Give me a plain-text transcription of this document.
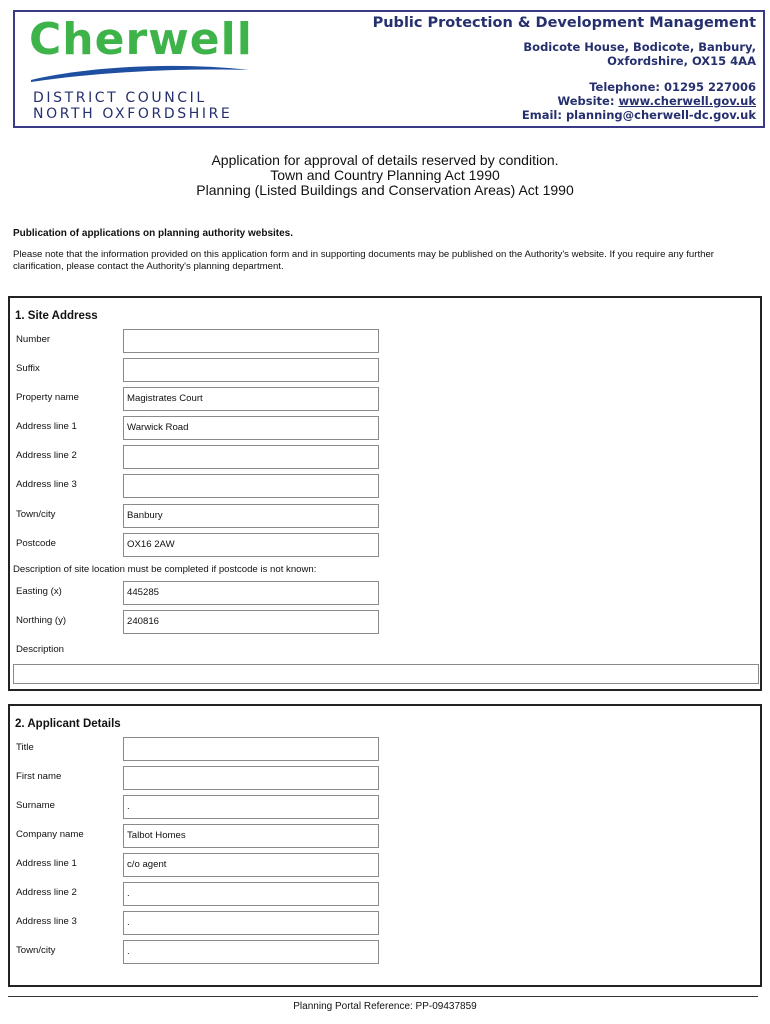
Cherwell
DISTRICT COUNCIL
NORTH OXFORDSHIRE
Public Protection & Development Management
Bodicote House, Bodicote, Banbury,
Oxfordshire, OX15 4AA
Telephone: 01295 227006
Website: www.cherwell.gov.uk
Email: planning@cherwell-dc.gov.uk
Application for approval of details reserved by condition.
Town and Country Planning Act 1990
Planning (Listed Buildings and Conservation Areas) Act 1990
Publication of applications on planning authority websites.
Please note that the information provided on this application form and in supporting documents may be published on the Authority's website. If you require any further clarification, please contact the Authority's planning department.
1. Site Address
Number
Suffix
Property name	Magistrates Court
Address line 1	Warwick Road
Address line 2
Address line 3
Town/city	Banbury
Postcode	OX16 2AW
Description of site location must be completed if postcode is not known:
Easting (x)	445285
Northing (y)	240816
Description
2. Applicant Details
Title
First name
Surname	.
Company name	Talbot Homes
Address line 1	c/o agent
Address line 2	.
Address line 3	.
Town/city	.
Planning Portal Reference: PP-09437859
